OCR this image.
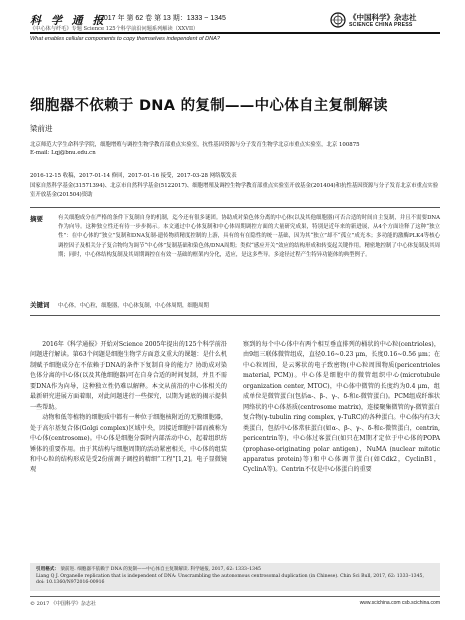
科 学 通 报
2017 年 第 62 卷 第 13 期：1333 ~ 1345
《中心体与纤毛》专题 Science 125个科学前沿问题系列解读（XXVII）
What enables cellular components to copy themselves independent of DNA?
《中国科学》杂志社
SCIENCE CHINA PRESS
细胞器不依赖于 DNA 的复制——中心体自主复制解读
梁前进
北京师范大学生命科学学院，细胞增殖与调控生物学教育部重点实验室，抗性基因资源与分子发育生物学北京市重点实验室，北京 100875
E-mail: Lqj@bnu.edu.cn
2016-12-15 收稿，2017-01-14 修回，2017-01-16 接受，2017-03-28 网络版发表
国家自然科学基金(31571394)、北京市自然科学基金(5122017)、细胞增殖及调控生物学教育部重点实验室开放基金(201404)和抗性基因资源与分子发育北京市重点实验室开放基金(201504)资助
摘要	有关细胞成分在严格的条件下复制自身的机制，迄今还有很多谜团。协助成对染色体分离的中心体(以及其他细胞器)可否合适的时间自主复制，并且不需要DNA作为向导。这种独立性还有待一步步揭示。本文通过中心体复制和中心体周期调控方面的大量研究成果，特别是近年来的新进展，从4个方面诠释了这种“独立性”：在中心体的“独立”复制和DNA复制-遗传物质精度控制的上游，具有的有在隐性的统一基础，因为其“独立”却不“孤立”成光本；多功能的激酶PLK4等核心调控因子及相关分子复合物均为调节“中心体”复制基础和染色体/DNA周期；类似“感应开关”效应的结构形成和转变起关键作用。精密地控制了中心体复制及其周期；同时，中心体结构复制及其周期调控在有效一基础的框架内分化，适应，是这多些导。多途径过程产生特异功能体的典型例子。
关键词 中心体，中心粒，细胞器，中心体复制，中心体周期，细胞周期

2016年《科学通报》开始对Science 2005年提出的125个科学前沿问题进行解读。第63个问题是细胞生物学方面意义重大的课题：是什么机制赋予细胞成分在不依赖于DNA的条件下复制自身的能力？协助成对染色体分离的中心体(以及其他细胞器)可在自身合适的时间复制，并且不需要DNA作为向导，这种独立性仍难以解释。本文从前沿的中心体相关的最新研究进展方面着眼，对此问题进行一些探究，以期为谜底的揭示提供一些帮助。

动物和低等植物的细胞质中都有一种位于细胞核附近的无膜细胞器，处于高尔基复合体(Golgi complex)区域中央，因接近细胞中部而被称为中心体(centrosome)。中心体是细胞分裂时内部活动中心，起着组织纺锤体的重要作用。由于其结构与细胞周期的活动紧密相关，中心体的组装和中心粒的结构形成是受2份前调子调控的精细“工程”[1,2]。电子显微镜观

察到的每个中心体中有两个相互垂直排列的桶状的中心粒(centrioles)，由9组三联体微管组成，直径0.16~0.23 μm，长度0.16~0.56 μm；在中心粒周围，是云雾状的电子致密物(中心粒周围物质(pericentrioles material, PCM))。中心体是细胞中的微管组织中心(microtubule organization center, MTOC)，中心体中微管的长度约为0.4 μm，组成单位是微管蛋白(包括α-、β-、γ-、δ-和ε-微管蛋白)。PCM组成纤维状网络状的中心体基质(centrosome matrix)，连接聚集微管的γ-微管蛋白复合物(γ-tubulin ring complex, γ-TuRC)的各种蛋白。中心体内有3大类蛋白，包括中心体常驻蛋白(如α-、β-、γ-、δ-和ε-微管蛋白，centrin, pericentrin等)，中心体过客蛋白(如只在M期才定位于中心体的POPA (prophase-originating polar antigen)，NuMA (nuclear mitotic apparatus protein)等)和中心体调节蛋白(如Cdk2，CyclinB1，CyclinA等)。Centrin不仅是中心体蛋白的重要

引用格式： 梁前进. 细胞器不依赖于 DNA 的复制——中心体自主复制解读. 科学通报, 2017, 62: 1333–1345
Liang Q J. Organelle replication that is independent of DNA: Unscrambling the autonomous centrosomal duplication (in Chinese). Chin Sci Bull, 2017, 62: 1333–1345, doi: 10.1360/N972016-00916
© 2017 《中国科学》杂志社	www.scichina.com csb.scichina.com
